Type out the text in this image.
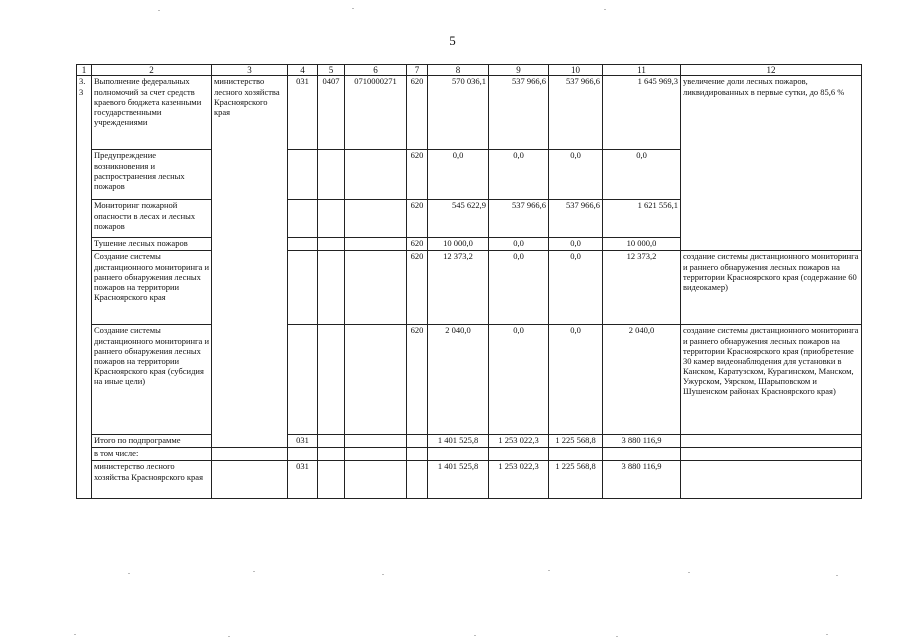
5
1	2	3	4	5	6	7	8	9	10	11	12
3.3	Выполнение федеральных полномочий за счет средств краевого бюджета казенными государственными учреждениями	министерство лесного хозяйства Красноярского края	031	0407	0710000271	620	570 036,1	537 966,6	537 966,6	1 645 969,3	увеличение доли лесных пожаров, ликвидированных в первые сутки, до 85,6 %
	Предупреждение возникновения и распространения лесных пожаров					620	0,0	0,0	0,0	0,0	
	Мониторинг пожарной опасности в лесах и лесных пожаров					620	545 622,9	537 966,6	537 966,6	1 621 556,1	
	Тушение лесных пожаров					620	10 000,0	0,0	0,0	10 000,0	
	Создание системы дистанционного мониторинга и раннего обнаружения лесных пожаров на территории Красноярского края					620	12 373,2	0,0	0,0	12 373,2	создание системы дистанционного мониторинга и раннего обнаружения лесных пожаров на территории Красноярского края (содержание 60 видеокамер)
	Создание системы дистанционного мониторинга и раннего обнаружения лесных пожаров на территории Красноярского края (субсидия на иные цели)					620	2 040,0	0,0	0,0	2 040,0	создание системы дистанционного мониторинга и раннего обнаружения лесных пожаров на территории Красноярского края (приобретение 30 камер видеонаблюдения для установки в Канском, Каратузском, Курагинском, Манском, Ужурском, Уярском, Шарыповском и Шушенском районах Красноярского края)
	Итого по подпрограмме		031				1 401 525,8	1 253 022,3	1 225 568,8	3 880 116,9	
	в том числе:										
	министерство лесного хозяйства Красноярского края		031				1 401 525,8	1 253 022,3	1 225 568,8	3 880 116,9	
